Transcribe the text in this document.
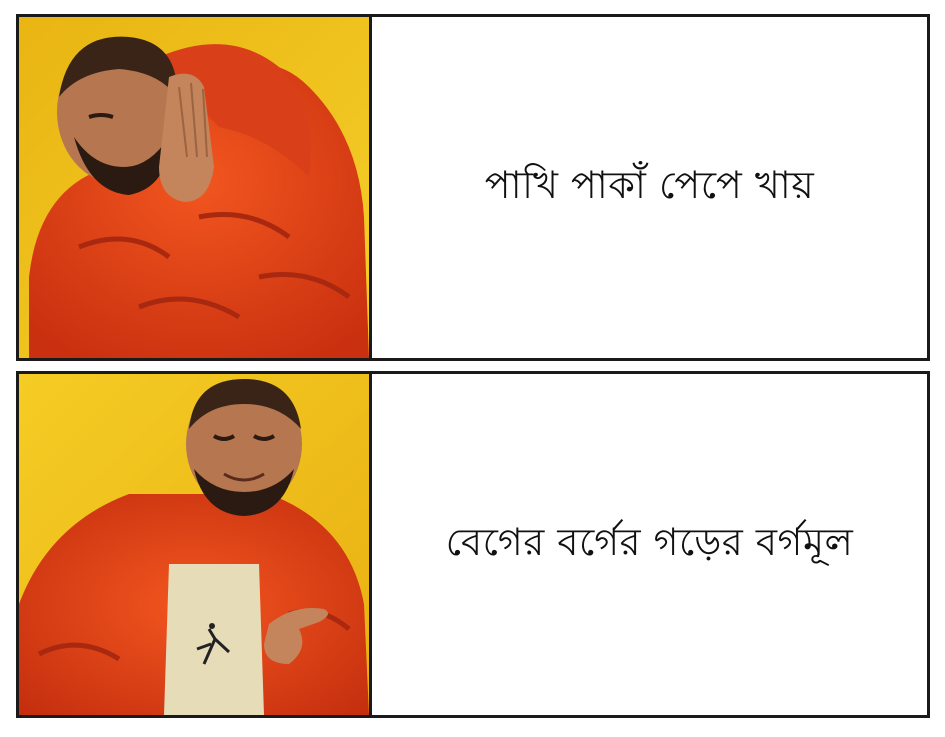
পাখি পাকাঁ পেপে খায়
বেগের বর্গের গড়ের বর্গমূল
